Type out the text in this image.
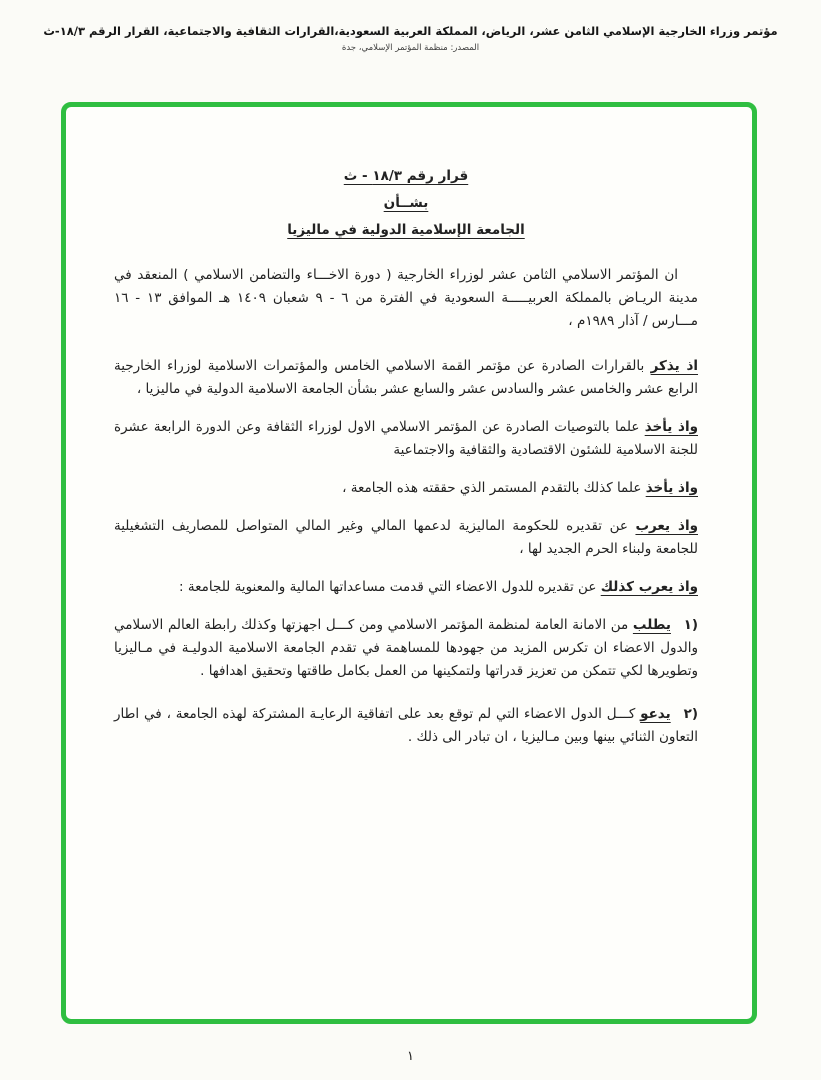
مؤتمر وزراء الخارجية الإسلامي الثامن عشر، الرياض، المملكة العربية السعودية،القرارات الثقافية والاجتماعية، القرار الرقم ١٨/٣-ث
المصدر: منظمة المؤتمر الإسلامي، جدة
قرار رقم ١٨/٣ - ث
بشــأن
الجامعة الإسلامية الدولية في ماليزيا

ان المؤتمر الاسلامي الثامن عشر لوزراء الخارجية ( دورة الاخـــاء والتضامن الاسلامي ) المنعقد في مدينة الريـاض بالمملكة العربيـــــة السعودية في الفترة من ٦ - ٩ شعبان ١٤٠٩ هـ الموافق ١٣ - ١٦ مـــارس / آذار ١٩٨٩م ،

اذ يذكر بالقرارات الصادرة عن مؤتمر القمة الاسلامي الخامس والمؤتمرات الاسلامية لوزراء الخارجية الرابع عشر والخامس عشر والسادس عشر والسابع عشر بشأن الجامعة الاسلامية الدولية في ماليزيا ،

واذ يأخذ علما بالتوصيات الصادرة عن المؤتمر الاسلامي الاول لوزراء الثقافة وعن الدورة الرابعة عشرة للجنة الاسلامية للشئون الاقتصادية والثقافية والاجتماعية

واذ يأخذ علما كذلك بالتقدم المستمر الذي حققته هذه الجامعة ،

واذ يعرب عن تقديره للحكومة الماليزية لدعمها المالي وغير المالي المتواصل للمصاريف التشغيلية للجامعة ولبناء الحرم الجديد لها ،

واذ يعرب كذلك عن تقديره للدول الاعضاء التي قدمت مساعداتها المالية والمعنوية للجامعة :

١) يطلب من الامانة العامة لمنظمة المؤتمر الاسلامي ومن كـــل اجهزتها وكذلك رابطة العالم الاسلامي والدول الاعضاء ان تكرس المزيد من جهودها للمساهمة في تقدم الجامعة الاسلامية الدوليـة في مـاليزيا وتطويرها لكي تتمكن من تعزيز قدراتها ولتمكينها من العمل بكامل طاقتها وتحقيق اهدافها .

٢) يدعو كـــل الدول الاعضاء التي لم توقع بعد على اتفاقية الرعايـة المشتركة لهذه الجامعة ، في اطار التعاون الثنائي بينها وبين مـاليزيا ، ان تبادر الى ذلك .

١
